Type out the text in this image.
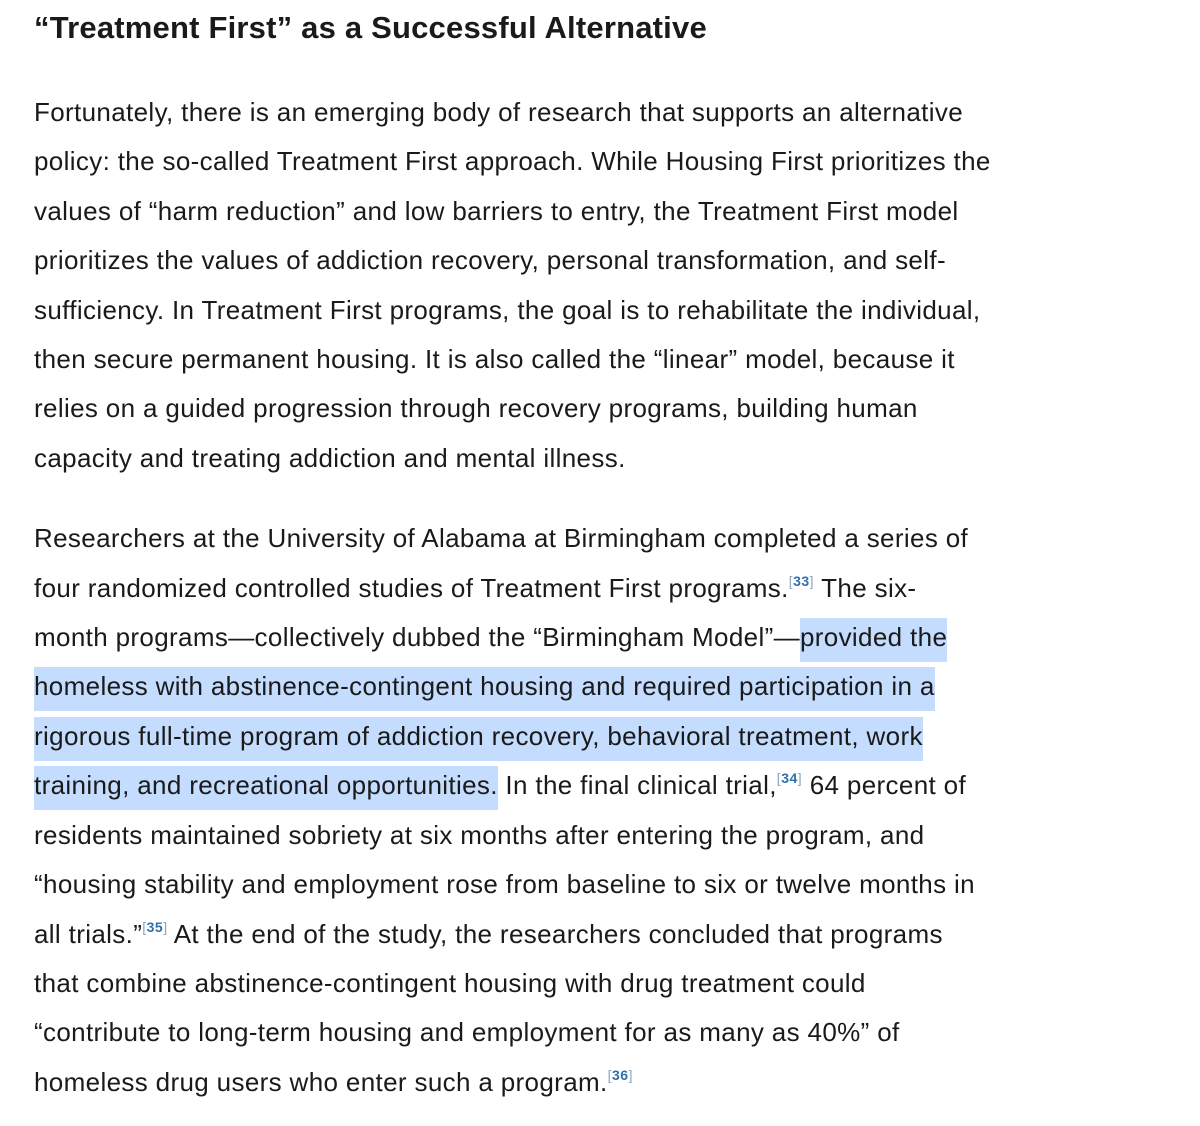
“Treatment First” as a Successful Alternative

Fortunately, there is an emerging body of research that supports an alternative
policy: the so-called Treatment First approach. While Housing First prioritizes the
values of “harm reduction” and low barriers to entry, the Treatment First model
prioritizes the values of addiction recovery, personal transformation, and self-
sufficiency. In Treatment First programs, the goal is to rehabilitate the individual,
then secure permanent housing. It is also called the “linear” model, because it
relies on a guided progression through recovery programs, building human
capacity and treating addiction and mental illness.

Researchers at the University of Alabama at Birmingham completed a series of
four randomized controlled studies of Treatment First programs.[33] The six-
month programs—collectively dubbed the “Birmingham Model”—provided the
homeless with abstinence-contingent housing and required participation in a
rigorous full-time program of addiction recovery, behavioral treatment, work
training, and recreational opportunities. In the final clinical trial,[34] 64 percent of
residents maintained sobriety at six months after entering the program, and
“housing stability and employment rose from baseline to six or twelve months in
all trials.”[35] At the end of the study, the researchers concluded that programs
that combine abstinence-contingent housing with drug treatment could
“contribute to long-term housing and employment for as many as 40%” of
homeless drug users who enter such a program.[36]
